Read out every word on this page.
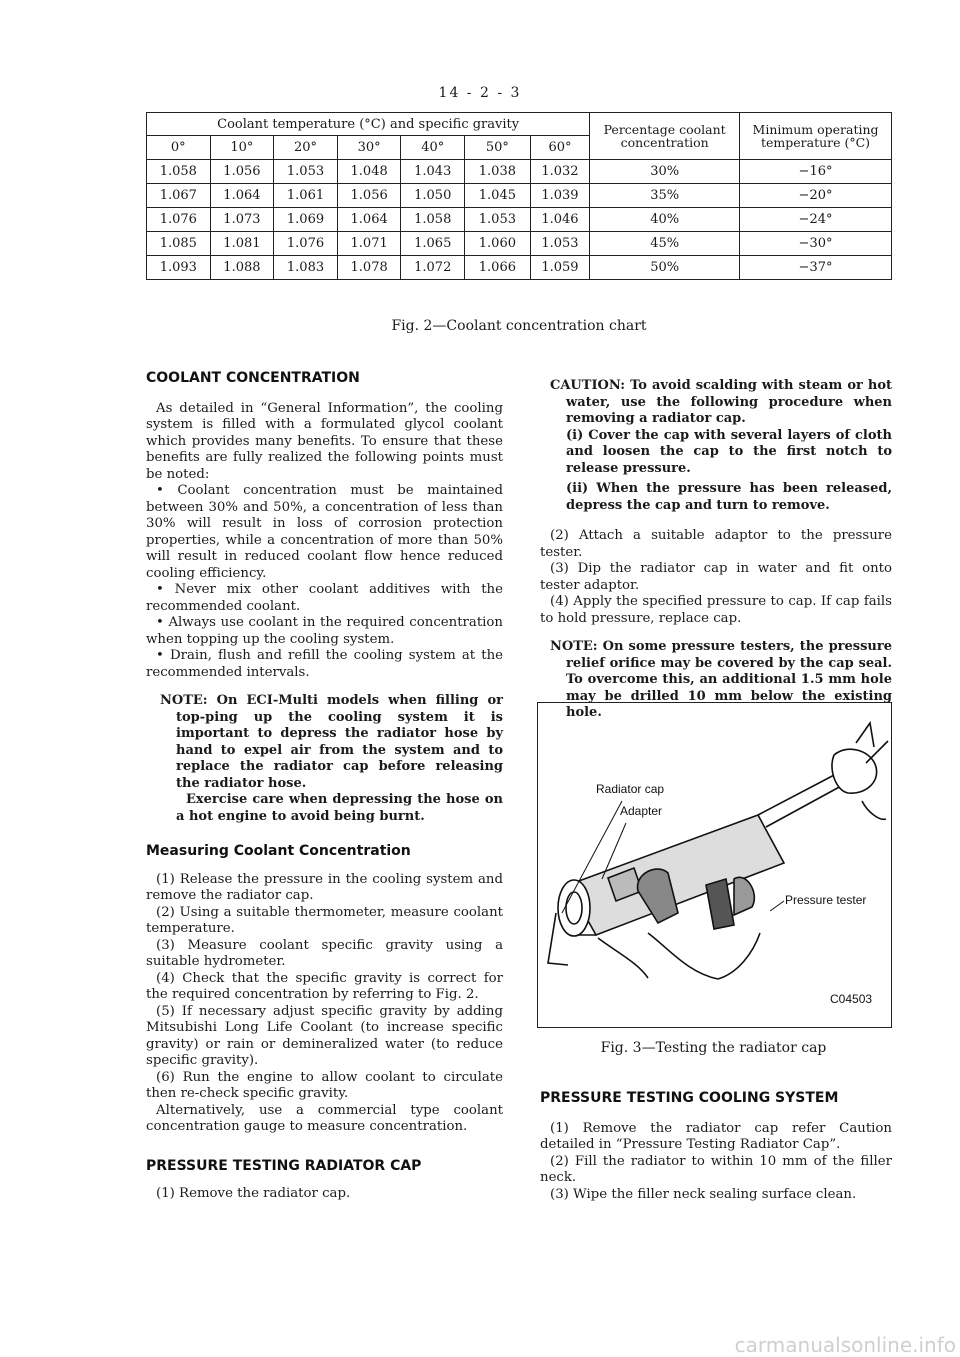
14 - 2 - 3
Coolant temperature (°C) and specific gravity							Percentage coolant concentration	Minimum operating temperature (°C)
0°	10°	20°	30°	40°	50°	60°		
1.058	1.056	1.053	1.048	1.043	1.038	1.032	30%	−16°
1.067	1.064	1.061	1.056	1.050	1.045	1.039	35%	−20°
1.076	1.073	1.069	1.064	1.058	1.053	1.046	40%	−24°
1.085	1.081	1.076	1.071	1.065	1.060	1.053	45%	−30°
1.093	1.088	1.083	1.078	1.072	1.066	1.059	50%	−37°
Fig. 2—Coolant concentration chart
COOLANT CONCENTRATION

As detailed in “General Information”, the cooling system is filled with a formulated glycol coolant which provides many benefits. To ensure that these benefits are fully realized the following points must be noted:

• Coolant concentration must be maintained between 30% and 50%, a concentration of less than 30% will result in loss of corrosion protection properties, while a concentration of more than 50% will result in reduced coolant flow hence reduced cooling efficiency.

• Never mix other coolant additives with the recommended coolant.

• Always use coolant in the required concentration when topping up the cooling system.

• Drain, flush and refill the cooling system at the recommended intervals.

NOTE: On ECI-Multi models when filling or top-ping up the cooling system it is important to depress the radiator hose by hand to expel air from the system and to replace the radiator cap before releasing the radiator hose.
Exercise care when depressing the hose on a hot engine to avoid being burnt.
Measuring Coolant Concentration

(1) Release the pressure in the cooling system and remove the radiator cap.

(2) Using a suitable thermometer, measure coolant temperature.

(3) Measure coolant specific gravity using a suitable hydrometer.

(4) Check that the specific gravity is correct for the required concentration by referring to Fig. 2.

(5) If necessary adjust specific gravity by adding Mitsubishi Long Life Coolant (to increase specific gravity) or rain or demineralized water (to reduce specific gravity).

(6) Run the engine to allow coolant to circulate then re-check specific gravity.

Alternatively, use a commercial type coolant concentration gauge to measure concentration.

PRESSURE TESTING RADIATOR CAP

(1) Remove the radiator cap.

CAUTION: To avoid scalding with steam or hot water, use the following procedure when removing a radiator cap.
(i) Cover the cap with several layers of cloth and loosen the cap to the first notch to release pressure.
(ii) When the pressure has been released, depress the cap and turn to remove.

(2) Attach a suitable adaptor to the pressure tester.

(3) Dip the radiator cap in water and fit onto tester adaptor.

(4) Apply the specified pressure to cap. If cap fails to hold pressure, replace cap.

NOTE: On some pressure testers, the pressure relief orifice may be covered by the cap seal. To overcome this, an additional 1.5 mm hole may be drilled 10 mm below the existing hole.
Radiator cap
Adapter
Pressure tester
C04503
Fig. 3—Testing the radiator cap
PRESSURE TESTING COOLING SYSTEM

(1) Remove the radiator cap refer Caution detailed in “Pressure Testing Radiator Cap”.

(2) Fill the radiator to within 10 mm of the filler neck.

(3) Wipe the filler neck sealing surface clean.

carmanualsonline.info
